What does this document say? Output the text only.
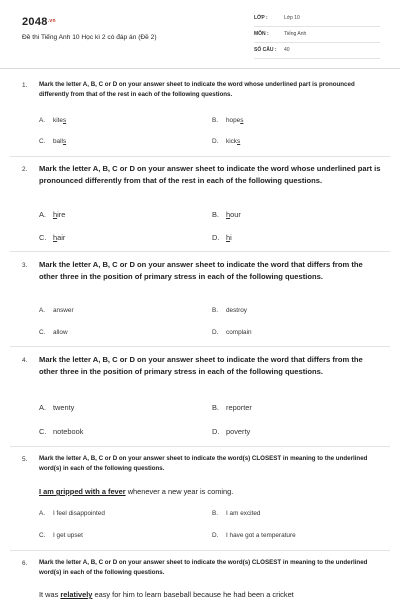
$2048^{.vn}$
Đề thi Tiếng Anh 10 Học kì 2 có đáp án (Đề 2)
LỚP :	Lớp 10
MÔN :	Tiếng Anh
SỐ CÂU : 40
1. Mark the letter A, B, C or D on your answer sheet to indicate the word whose underlined part is pronounced differently from that of the rest in each of the following questions.
A. kites	B. hopes
C. balls	D. kicks
2. Mark the letter A, B, C or D on your answer sheet to indicate the word whose underlined part is pronounced differently from that of the rest in each of the following questions.
A. hire	B. hour
C. hair	D. hi
3. Mark the letter A, B, C or D on your answer sheet to indicate the word that differs from the other three in the position of primary stress in each of the following questions.
A. answer	B. destroy
C. allow	D. complain
4. Mark the letter A, B, C or D on your answer sheet to indicate the word that differs from the other three in the position of primary stress in each of the following questions.
A. twenty	B. reporter
C. notebook	D. poverty
5. Mark the letter A, B, C or D on your answer sheet to indicate the word(s) CLOSEST in meaning to the underlined word(s) in each of the following questions.
I am gripped with a fever whenever a new year is coming.
A. I feel disappointed	B. I am excited
C. I get upset	D. I have got a temperature
6. Mark the letter A, B, C or D on your answer sheet to indicate the word(s) CLOSEST in meaning to the underlined word(s) in each of the following questions.
It was relatively easy for him to learn baseball because he had been a cricket
